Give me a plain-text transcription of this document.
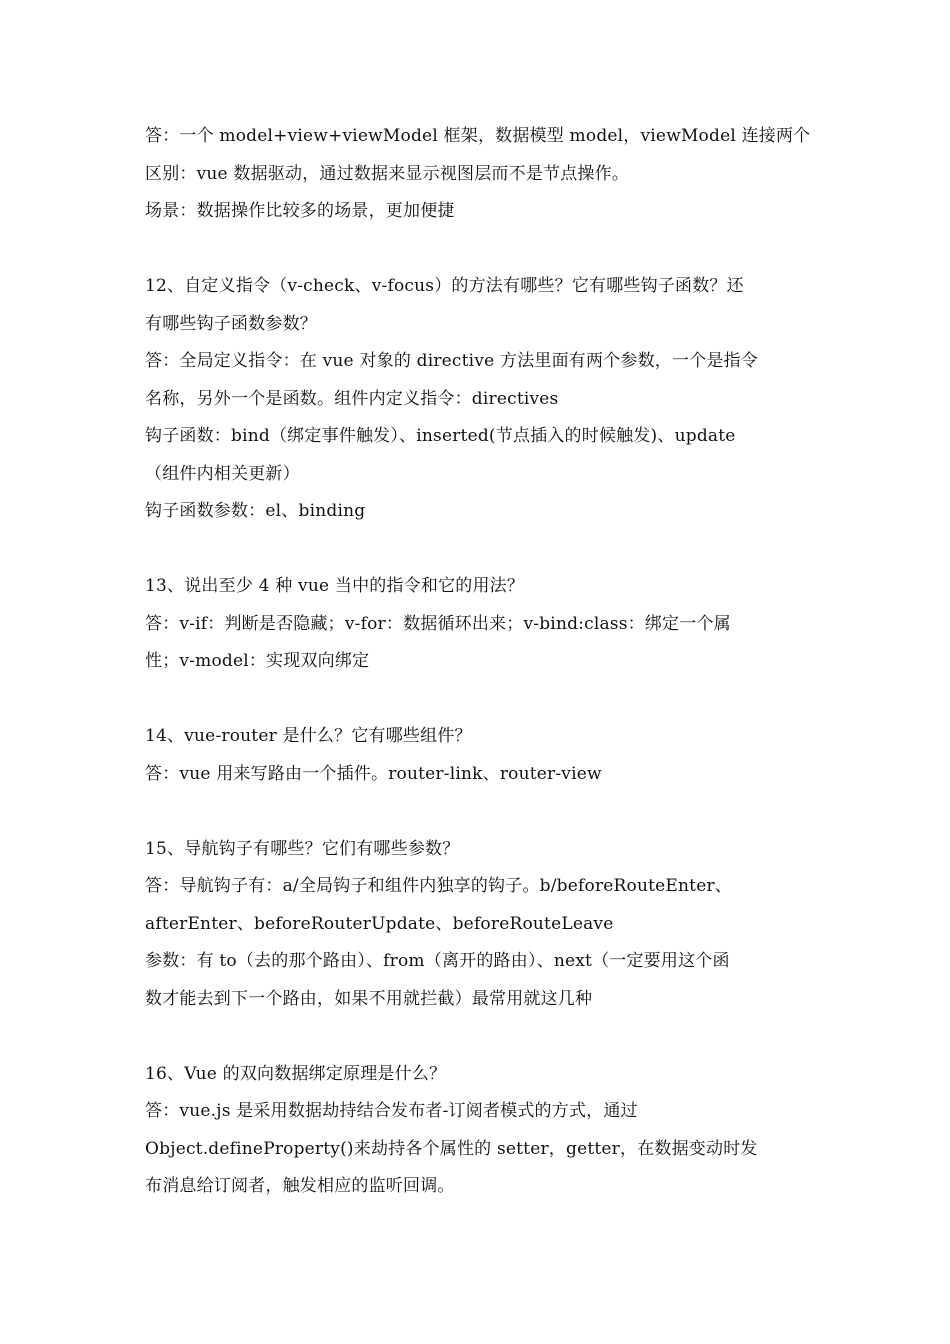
答：一个 model+view+viewModel 框架，数据模型 model，viewModel 连接两个
区别：vue 数据驱动，通过数据来显示视图层而不是节点操作。
场景：数据操作比较多的场景，更加便捷
12、自定义指令（v-check、v-focus）的方法有哪些？它有哪些钩子函数？还
有哪些钩子函数参数？
答：全局定义指令：在 vue 对象的 directive 方法里面有两个参数，一个是指令
名称，另外一个是函数。组件内定义指令：directives
钩子函数：bind（绑定事件触发）、inserted(节点插入的时候触发)、update
（组件内相关更新）
钩子函数参数：el、binding
13、说出至少 4 种 vue 当中的指令和它的用法？
答：v-if：判断是否隐藏；v-for：数据循环出来；v-bind:class：绑定一个属
性；v-model：实现双向绑定
14、vue-router 是什么？它有哪些组件？
答：vue 用来写路由一个插件。router-link、router-view
15、导航钩子有哪些？它们有哪些参数？
答：导航钩子有：a/全局钩子和组件内独享的钩子。b/beforeRouteEnter、
afterEnter、beforeRouterUpdate、beforeRouteLeave
参数：有 to（去的那个路由）、from（离开的路由）、next（一定要用这个函
数才能去到下一个路由，如果不用就拦截）最常用就这几种
16、Vue 的双向数据绑定原理是什么？
答：vue.js 是采用数据劫持结合发布者-订阅者模式的方式，通过
Object.defineProperty()来劫持各个属性的 setter，getter，在数据变动时发
布消息给订阅者，触发相应的监听回调。
